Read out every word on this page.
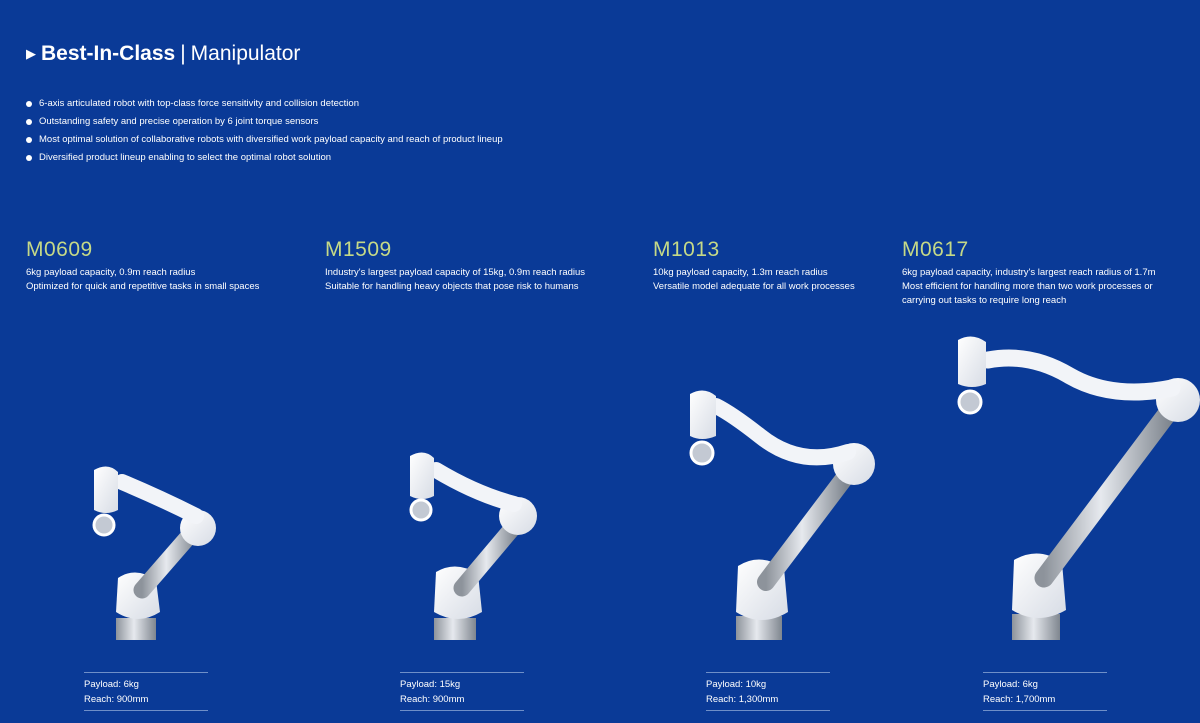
▶ Best-In-Class | Manipulator
6-axis articulated robot with top-class force sensitivity and collision detection
Outstanding safety and precise operation by 6 joint torque sensors
Most optimal solution of collaborative robots with diversified work payload capacity and reach of product lineup
Diversified product lineup enabling to select the optimal robot solution
M0609
6kg payload capacity, 0.9m reach radius
Optimized for quick and repetitive tasks in small spaces
M1509
Industry's largest payload capacity of 15kg, 0.9m reach radius
Suitable for handling heavy objects that pose risk to humans
M1013
10kg payload capacity, 1.3m reach radius
Versatile model adequate for all work processes
M0617
6kg payload capacity, industry's largest reach radius of 1.7m
Most efficient for handling more than two work processes or carrying out tasks to require long reach
Payload: 6kg
Reach: 900mm
Payload: 15kg
Reach: 900mm
Payload: 10kg
Reach: 1,300mm
Payload: 6kg
Reach: 1,700mm
